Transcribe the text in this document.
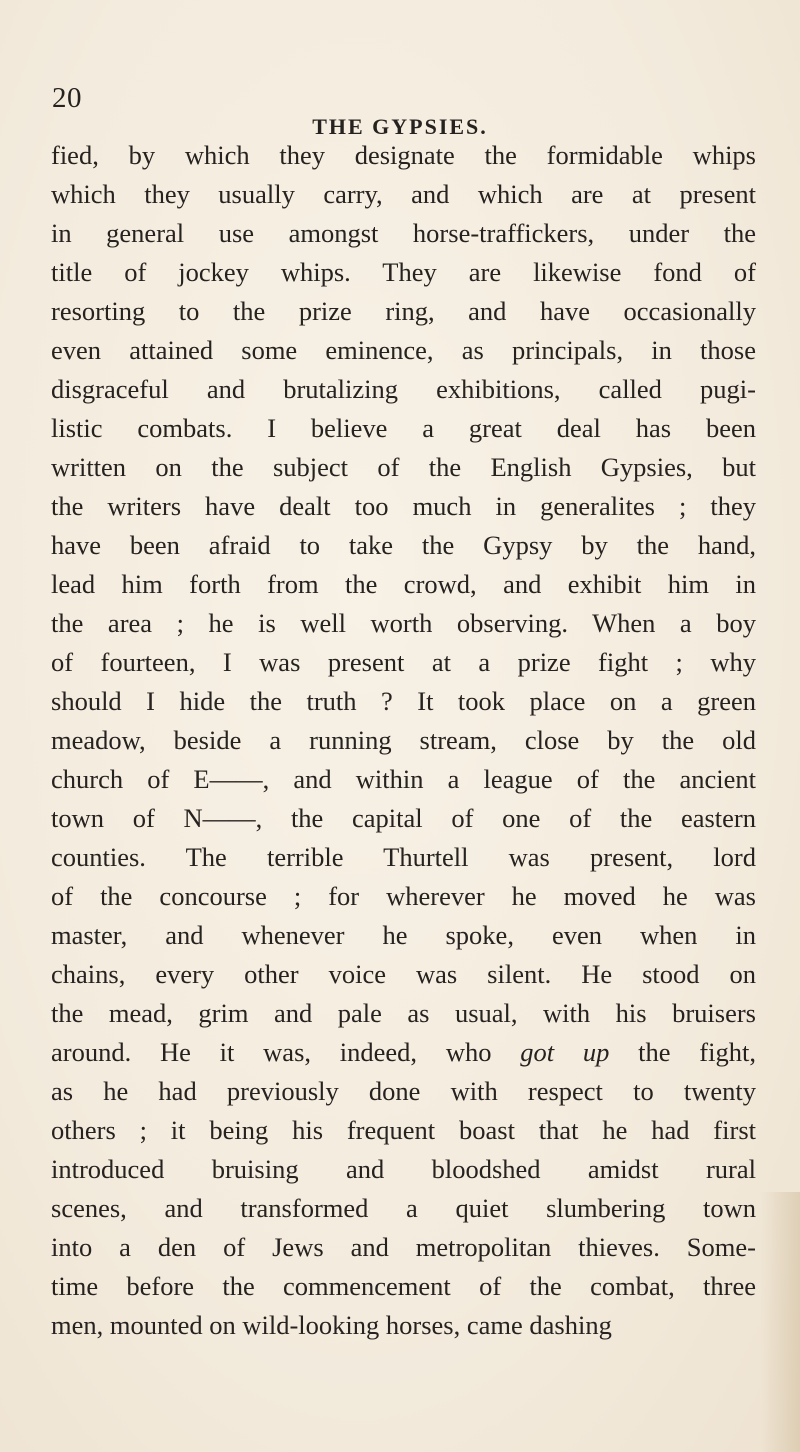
20
THE GYPSIES.
fied, by which they designate the formidable whips
which they usually carry, and which are at present
in general use amongst horse-traffickers, under the
title of jockey whips. They are likewise fond of
resorting to the prize ring, and have occasionally
even attained some eminence, as principals, in those
disgraceful and brutalizing exhibitions, called pugi-
listic combats. I believe a great deal has been
written on the subject of the English Gypsies, but
the writers have dealt too much in generalites ; they
have been afraid to take the Gypsy by the hand,
lead him forth from the crowd, and exhibit him in
the area ; he is well worth observing. When a boy
of fourteen, I was present at a prize fight ; why
should I hide the truth ? It took place on a green
meadow, beside a running stream, close by the old
church of E——, and within a league of the ancient
town of N——, the capital of one of the eastern
counties. The terrible Thurtell was present, lord
of the concourse ; for wherever he moved he was
master, and whenever he spoke, even when in
chains, every other voice was silent. He stood on
the mead, grim and pale as usual, with his bruisers
around. He it was, indeed, who got up the fight,
as he had previously done with respect to twenty
others ; it being his frequent boast that he had first
introduced bruising and bloodshed amidst rural
scenes, and transformed a quiet slumbering town
into a den of Jews and metropolitan thieves. Some-
time before the commencement of the combat, three
men, mounted on wild-looking horses, came dashing
